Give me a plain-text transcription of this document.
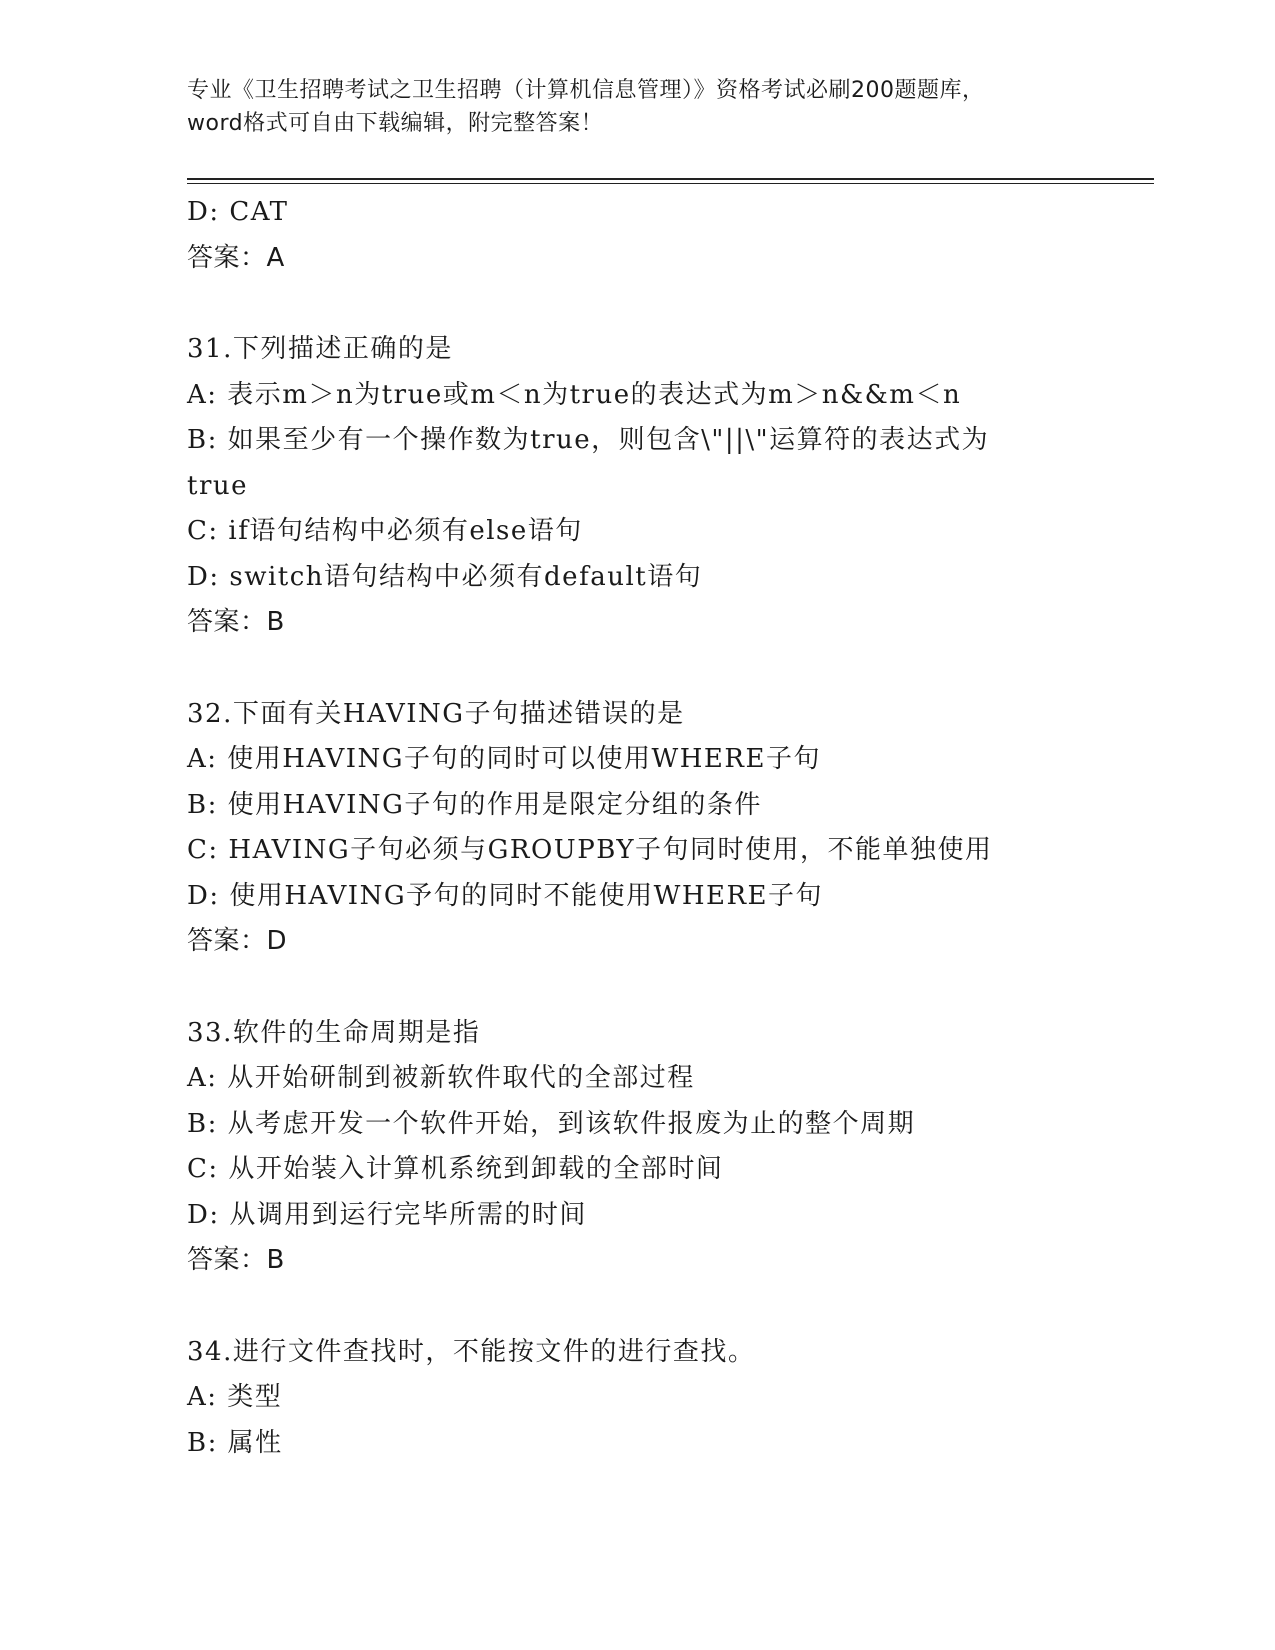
专业《卫生招聘考试之卫生招聘（计算机信息管理）》资格考试必刷200题题库，
word格式可自由下载编辑，附完整答案！
D: CAT
答案：A
31.下列描述正确的是
A: 表示m＞n为true或m＜n为true的表达式为m＞n&&m＜n
B: 如果至少有一个操作数为true，则包含\"||\"运算符的表达式为
true
C: if语句结构中必须有else语句
D: switch语句结构中必须有default语句
答案：B
32.下面有关HAVING子句描述错误的是
A: 使用HAVING子句的同时可以使用WHERE子句
B: 使用HAVING子句的作用是限定分组的条件
C: HAVING子句必须与GROUPBY子句同时使用，不能单独使用
D: 使用HAVING予句的同时不能使用WHERE子句
答案：D
33.软件的生命周期是指
A: 从开始研制到被新软件取代的全部过程
B: 从考虑开发一个软件开始，到该软件报废为止的整个周期
C: 从开始装入计算机系统到卸载的全部时间
D: 从调用到运行完毕所需的时间
答案：B
34.进行文件查找时，不能按文件的进行查找。
A: 类型
B: 属性
